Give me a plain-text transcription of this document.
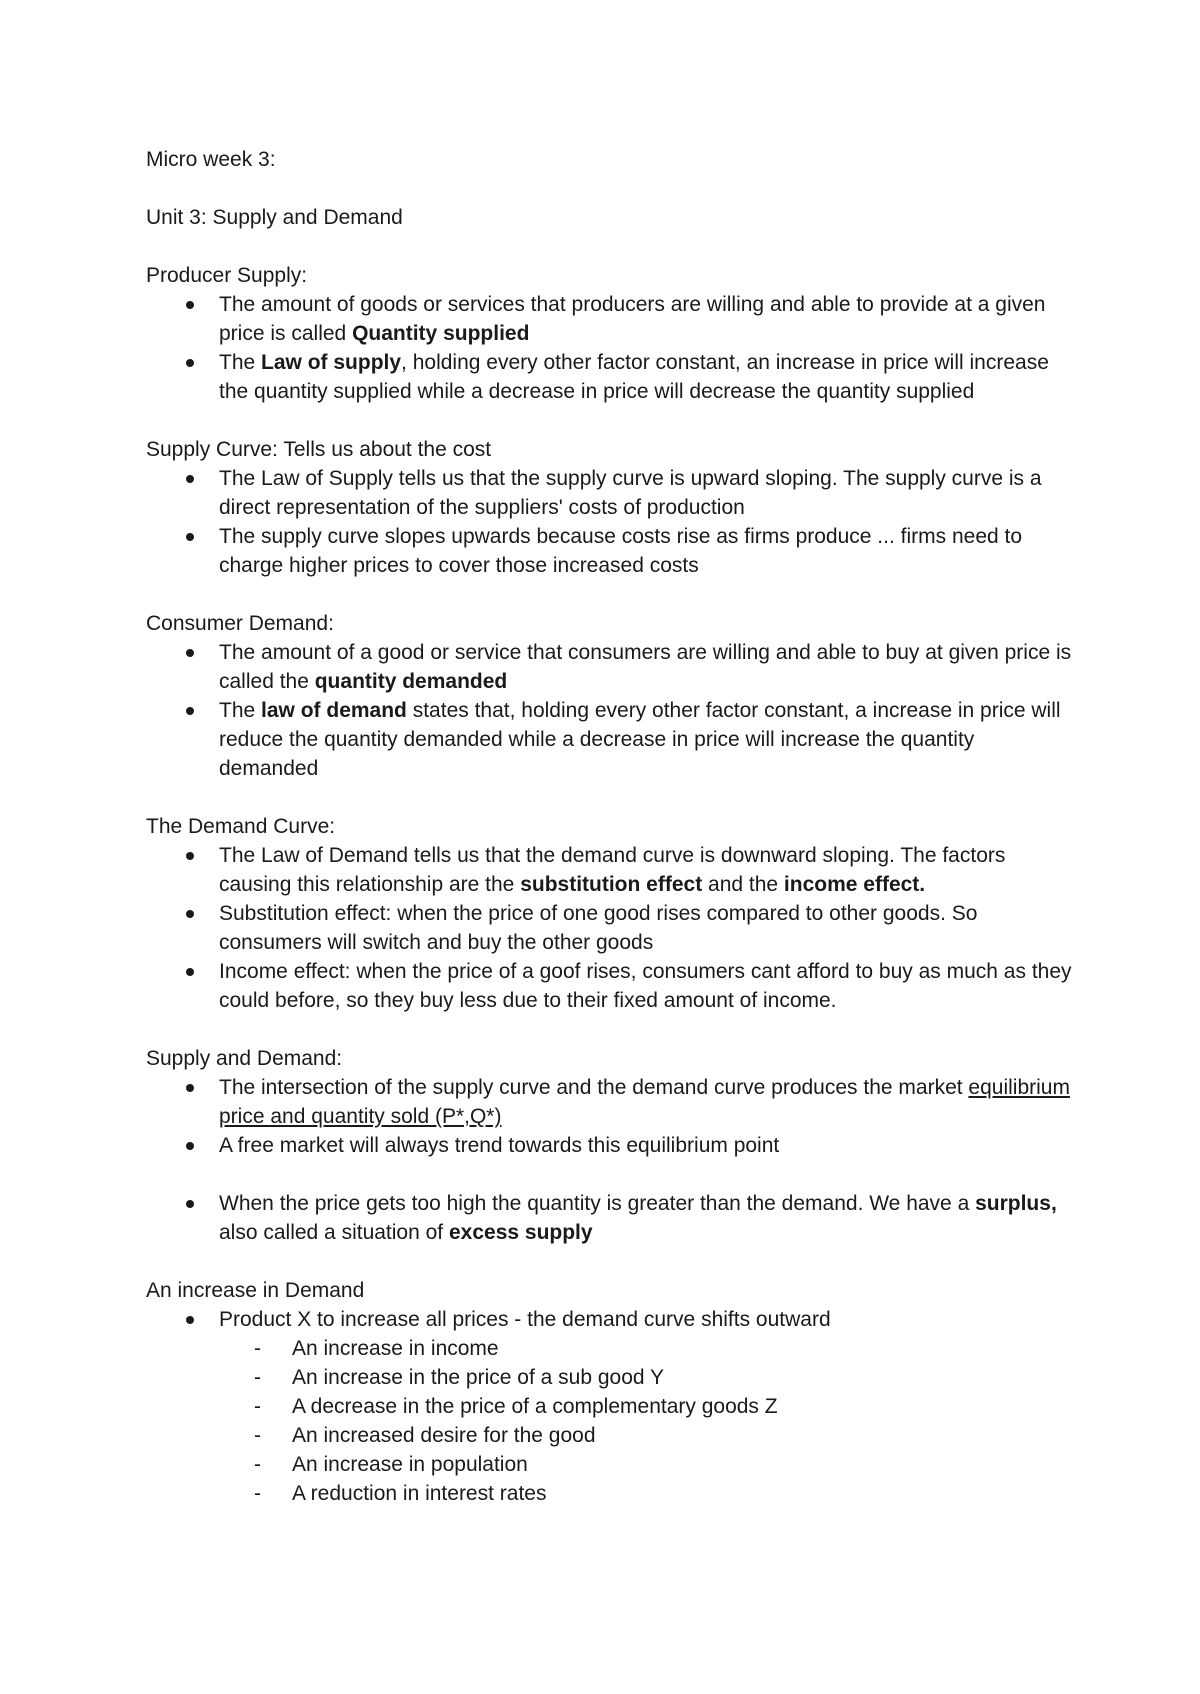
Micro week 3:

Unit 3: Supply and Demand

Producer Supply:

The amount of goods or services that producers are willing and able to provide at a given price is called Quantity supplied
The Law of supply, holding every other factor constant, an increase in price will increase the quantity supplied while a decrease in price will decrease the quantity supplied

Supply Curve: Tells us about the cost

The Law of Supply tells us that the supply curve is upward sloping. The supply curve is a direct representation of the suppliers' costs of production
The supply curve slopes upwards because costs rise as firms produce ... firms need to charge higher prices to cover those increased costs

Consumer Demand:

The amount of a good or service that consumers are willing and able to buy at given price is called the quantity demanded
The law of demand states that, holding every other factor constant, a increase in price will reduce the quantity demanded while a decrease in price will increase the quantity demanded

The Demand Curve:

The Law of Demand tells us that the demand curve is downward sloping. The factors causing this relationship are the substitution effect and the income effect.
Substitution effect: when the price of one good rises compared to other goods. So consumers will switch and buy the other goods
Income effect: when the price of a goof rises, consumers cant afford to buy as much as they could before, so they buy less due to their fixed amount of income.

Supply and Demand:

The intersection of the supply curve and the demand curve produces the market equilibrium price and quantity sold (P*,Q*)
A free market will always trend towards this equilibrium point
When the price gets too high the quantity is greater than the demand. We have a surplus, also called a situation of excess supply

An increase in Demand

Product X to increase all prices - the demand curve shifts outward
- An increase in income
- An increase in the price of a sub good Y
- A decrease in the price of a complementary goods Z
- An increased desire for the good
- An increase in population
- A reduction in interest rates
